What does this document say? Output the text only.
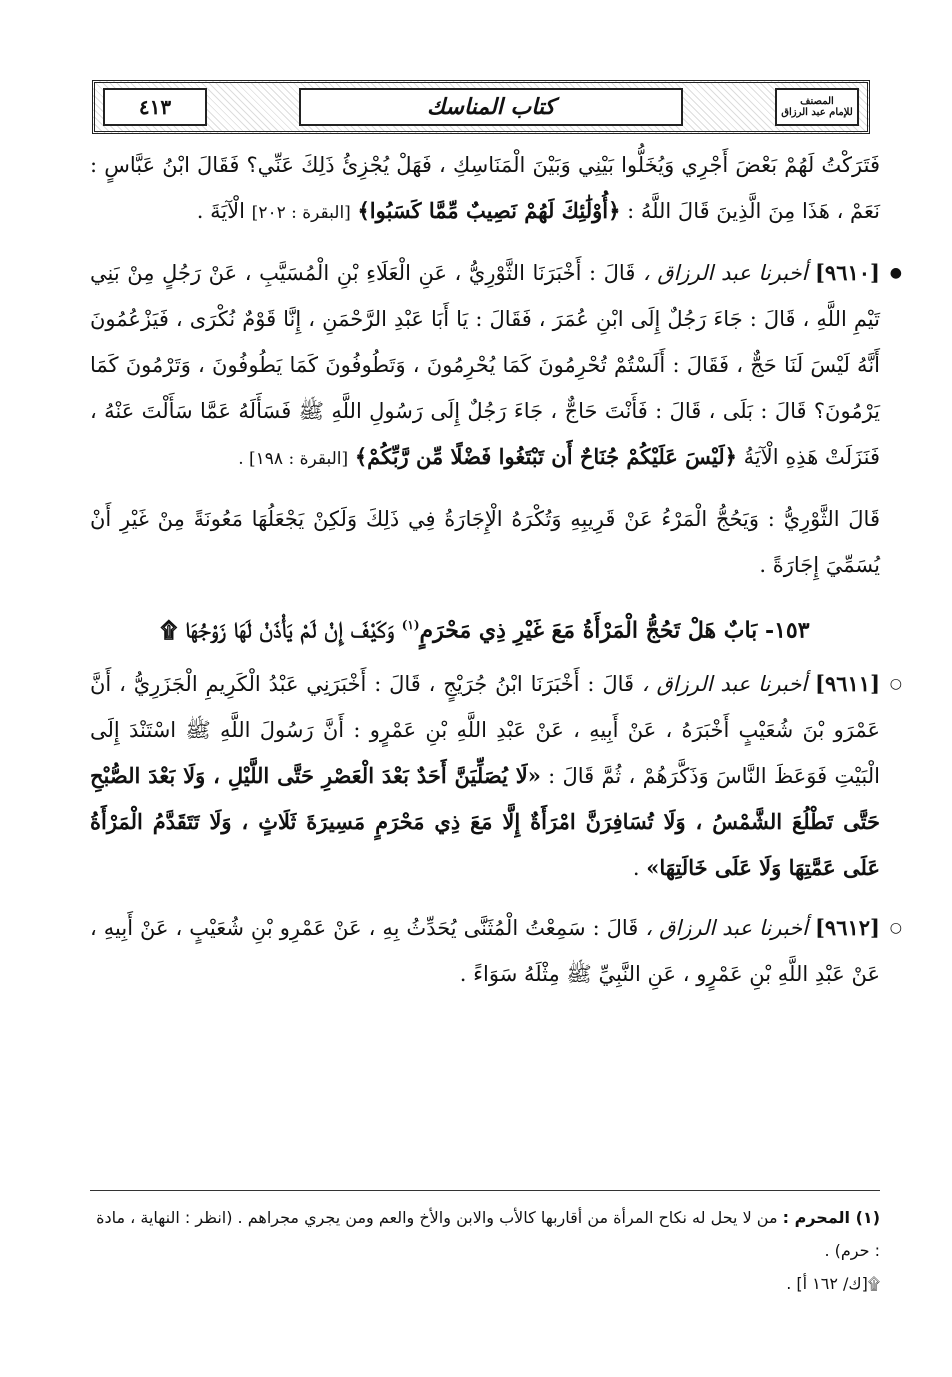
٤١٣	كتاب المناسك	المصنف
للإمام عبد الرزاق

فَتَرَكْتُ لَهُمْ بَعْضَ أَجْرِي وَيُخَلُّوا بَيْنِي وَبَيْنَ الْمَنَاسِكِ ، فَهَلْ يُجْزِئُ ذَلِكَ عَنِّي؟ فَقَالَ ابْنُ عَبَّاسٍ : نَعَمْ ، هَذَا مِنَ الَّذِينَ قَالَ اللَّهُ : ﴿أُوْلَٰئِكَ لَهُمْ نَصِيبٌ مِّمَّا كَسَبُوا﴾ [البقرة : ٢٠٢] الْآيَةَ .

●
[٩٦١٠] أخبرنا عبد الرزاق ، قَالَ : أَخْبَرَنَا الثَّوْرِيُّ ، عَنِ الْعَلَاءِ بْنِ الْمُسَيَّبِ ، عَنْ رَجُلٍ مِنْ بَنِي تَيْمِ اللَّهِ ، قَالَ : جَاءَ رَجُلٌ إِلَى ابْنِ عُمَرَ ، فَقَالَ : يَا أَبَا عَبْدِ الرَّحْمَنِ ، إِنَّا قَوْمٌ نُكْرَى ، فَيَزْعُمُونَ أَنَّهُ لَيْسَ لَنَا حَجٌّ ، فَقَالَ : أَلَسْتُمْ تُحْرِمُونَ كَمَا يُحْرِمُونَ ، وَتَطُوفُونَ كَمَا يَطُوفُونَ ، وَتَرْمُونَ كَمَا يَرْمُونَ؟ قَالَ : بَلَى ، قَالَ : فَأَنْتَ حَاجٌّ ، جَاءَ رَجُلٌ إِلَى رَسُولِ اللَّهِ ﷺ فَسَأَلَهُ عَمَّا سَأَلْتَ عَنْهُ ، فَنَزَلَتْ هَذِهِ الْآيَةُ ﴿لَيْسَ عَلَيْكُمْ جُنَاحٌ أَن تَبْتَغُوا فَضْلًا مِّن رَّبِّكُمْ﴾ [البقرة : ١٩٨] .

قَالَ الثَّوْرِيُّ : وَيَحُجُّ الْمَرْءُ عَنْ قَرِيبِهِ وَتُكْرَهُ الْإِجَارَةُ فِي ذَلِكَ وَلَكِنْ يَجْعَلُهَا مَعُونَةً مِنْ غَيْرِ أَنْ يُسَمِّيَ إِجَارَةً .

١٥٣- بَابٌ هَلْ تَحُجُّ الْمَرْأَةُ مَعَ غَيْرِ ذِي مَحْرَمٍ$^{(١)}$ وَكَيْفَ إِنْ لَمْ يَأْذَنْ لَهَا زَوْجُهَا ۩

○
[٩٦١١] أخبرنا عبد الرزاق ، قَالَ : أَخْبَرَنَا ابْنُ جُرَيْجٍ ، قَالَ : أَخْبَرَنِي عَبْدُ الْكَرِيمِ الْجَزَرِيُّ ، أَنَّ عَمْرَو بْنَ شُعَيْبٍ أَخْبَرَهُ ، عَنْ أَبِيهِ ، عَنْ عَبْدِ اللَّهِ بْنِ عَمْرٍو : أَنَّ رَسُولَ اللَّهِ ﷺ اسْتَنْدَ إِلَى الْبَيْتِ فَوَعَظَ النَّاسَ وَذَكَّرَهُمْ ، ثُمَّ قَالَ : «لَا يُصَلِّيَنَّ أَحَدٌ بَعْدَ الْعَصْرِ حَتَّى اللَّيْلِ ، وَلَا بَعْدَ الصُّبْحِ حَتَّى تَطْلُعَ الشَّمْسُ ، وَلَا تُسَافِرَنَّ امْرَأَةٌ إِلَّا مَعَ ذِي مَحْرَمٍ مَسِيرَةَ ثَلَاثٍ ، وَلَا تَتَقَدَّمُ الْمَرْأَةُ عَلَى عَمَّتِهَا وَلَا عَلَى خَالَتِهَا» .

○
[٩٦١٢] أخبرنا عبد الرزاق ، قَالَ : سَمِعْتُ الْمُثَنَّى يُحَدِّثُ بِهِ ، عَنْ عَمْرِو بْنِ شُعَيْبٍ ، عَنْ أَبِيهِ ، عَنْ عَبْدِ اللَّهِ بْنِ عَمْرٍو ، عَنِ النَّبِيِّ ﷺ مِثْلَهُ سَوَاءً .

(١) المحرم : من لا يحل له نكاح المرأة من أقاربها كالأب والابن والأخ والعم ومن يجري مجراهم . (انظر : النهاية ، مادة : حرم) .

۩[ك/ ١٦٢ أ] .
